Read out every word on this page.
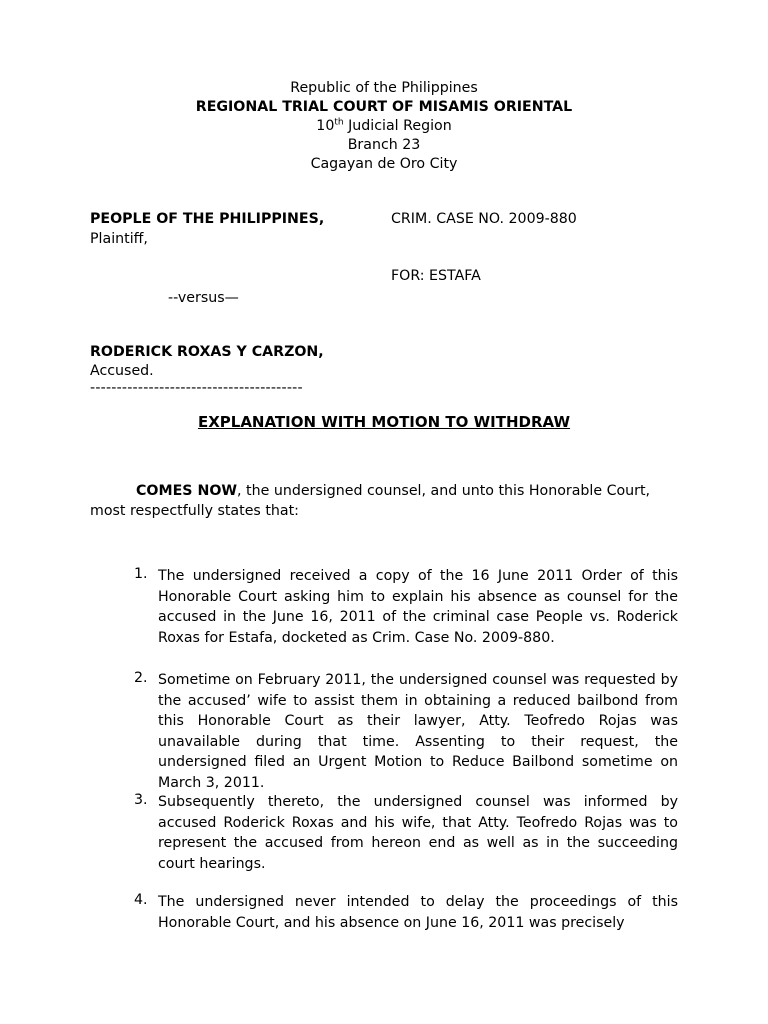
Republic of the Philippines
REGIONAL TRIAL COURT OF MISAMIS ORIENTAL
10th Judicial Region
Branch 23
Cagayan de Oro City
PEOPLE OF THE PHILIPPINES,
Plaintiff,
CRIM. CASE NO. 2009-880
FOR: ESTAFA
--versus—
RODERICK ROXAS Y CARZON,
Accused.
----------------------------------------
EXPLANATION WITH MOTION TO WITHDRAW
COMES NOW, the undersigned counsel, and unto this Honorable Court,
most respectfully states that:
1. The undersigned received a copy of the 16 June 2011 Order of this Honorable Court asking him to explain his absence as counsel for the accused in the June 16, 2011 of the criminal case People vs. Roderick Roxas for Estafa, docketed as Crim. Case No. 2009-880.
2. Sometime on February 2011, the undersigned counsel was requested by the accused’ wife to assist them in obtaining a reduced bailbond from this Honorable Court as their lawyer, Atty. Teofredo Rojas was unavailable during that time. Assenting to their request, the undersigned filed an Urgent Motion to Reduce Bailbond sometime on March 3, 2011.
3. Subsequently thereto, the undersigned counsel was informed by accused Roderick Roxas and his wife, that Atty. Teofredo Rojas was to represent the accused from hereon end as well as in the succeeding court hearings.
4. The undersigned never intended to delay the proceedings of this Honorable Court, and his absence on June 16, 2011 was precisely
